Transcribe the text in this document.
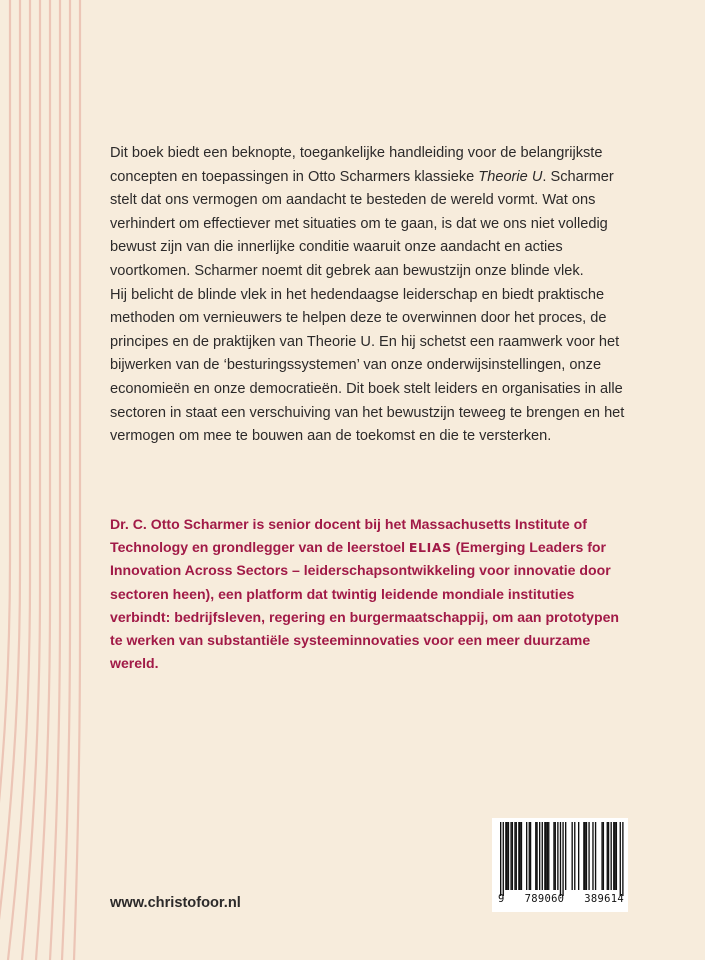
Dit boek biedt een beknopte, toegankelijke handleiding voor de belangrijkste concepten en toepassingen in Otto Scharmers klassieke Theorie U. Scharmer stelt dat ons vermogen om aandacht te besteden de wereld vormt. Wat ons verhindert om effectiever met situaties om te gaan, is dat we ons niet volledig bewust zijn van die innerlijke conditie waaruit onze aandacht en acties voortkomen. Scharmer noemt dit gebrek aan bewustzijn onze blinde vlek.

Hij belicht de blinde vlek in het hedendaagse leiderschap en biedt praktische methoden om vernieuwers te helpen deze te overwinnen door het proces, de principes en de praktijken van Theorie U. En hij schetst een raamwerk voor het bijwerken van de ‘besturingssystemen’ van onze onderwijsinstellingen, onze economieën en onze democratieën. Dit boek stelt leiders en organisaties in alle sectoren in staat een verschuiving van het bewustzijn teweeg te brengen en het vermogen om mee te bouwen aan de toekomst en die te versterken.

Dr. C. Otto Scharmer is senior docent bij het Massachusetts Institute of Technology en grondlegger van de leerstoel ELIAS (Emerging Leaders for Innovation Across Sectors – leiderschapsontwikkeling voor innovatie door sectoren heen), een platform dat twintig leidende mondiale instituties verbindt: bedrijfsleven, regering en burgermaatschappij, om aan prototypen te werken van substantiële systeeminnovaties voor een meer duurzame wereld.
www.christofoor.nl	9 789060 389614
